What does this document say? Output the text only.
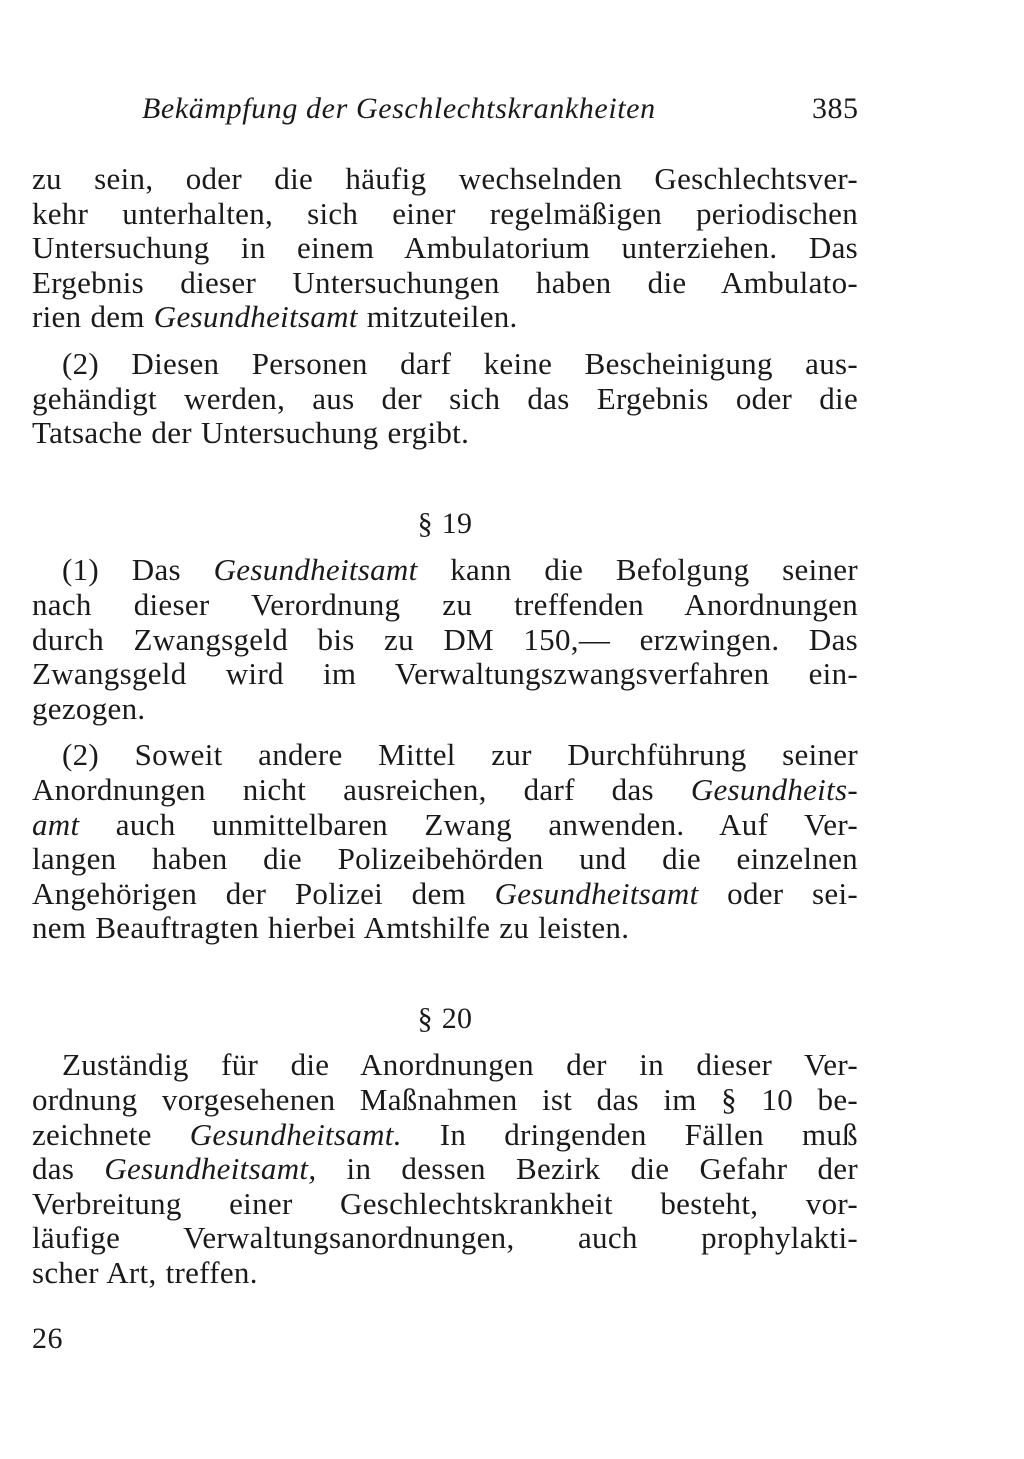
Bekämpfung der Geschlechtskrankheiten	385
zu sein, oder die häufig wechselnden Geschlechtsver-
kehr unterhalten, sich einer regelmäßigen periodischen
Untersuchung in einem Ambulatorium unterziehen. Das
Ergebnis dieser Untersuchungen haben die Ambulato-
rien dem Gesundheitsamt mitzuteilen.
(2) Diesen Personen darf keine Bescheinigung aus-
gehändigt werden, aus der sich das Ergebnis oder die
Tatsache der Untersuchung ergibt.
§ 19
(1) Das Gesundheitsamt kann die Befolgung seiner
nach dieser Verordnung zu treffenden Anordnungen
durch Zwangsgeld bis zu DM 150,— erzwingen. Das
Zwangsgeld wird im Verwaltungszwangsverfahren ein-
gezogen.
(2) Soweit andere Mittel zur Durchführung seiner
Anordnungen nicht ausreichen, darf das Gesundheits-
amt auch unmittelbaren Zwang anwenden. Auf Ver-
langen haben die Polizeibehörden und die einzelnen
Angehörigen der Polizei dem Gesundheitsamt oder sei-
nem Beauftragten hierbei Amtshilfe zu leisten.
§ 20
Zuständig für die Anordnungen der in dieser Ver-
ordnung vorgesehenen Maßnahmen ist das im § 10 be-
zeichnete Gesundheitsamt. In dringenden Fällen muß
das Gesundheitsamt, in dessen Bezirk die Gefahr der
Verbreitung einer Geschlechtskrankheit besteht, vor-
läufige Verwaltungsanordnungen, auch prophylakti-
scher Art, treffen.
26
